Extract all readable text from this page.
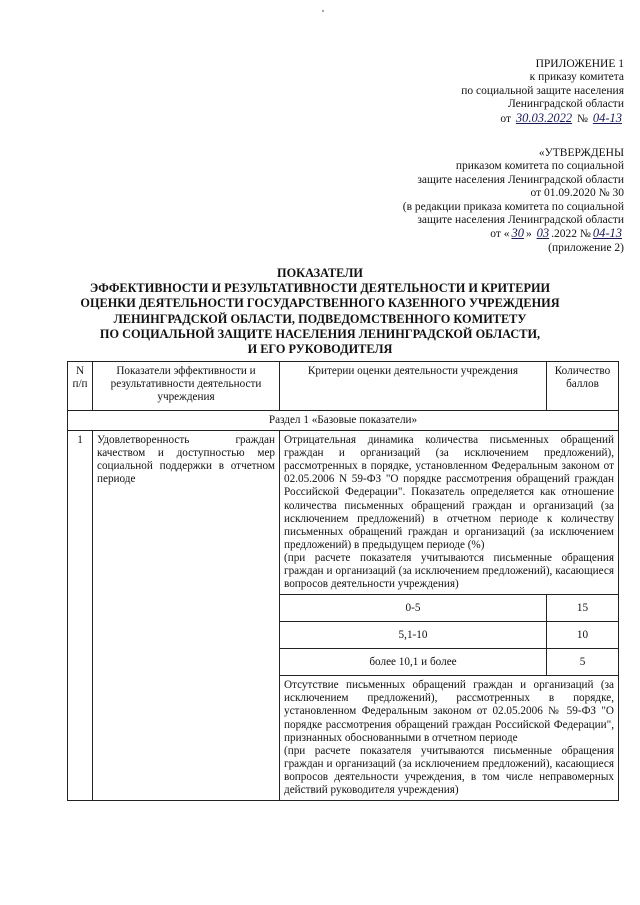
ПРИЛОЖЕНИЕ 1
к приказу комитета
по социальной защите населения
Ленинградской области
от 30.03.2022 № 04-13
«УТВЕРЖДЕНЫ
приказом комитета по социальной
защите населения Ленинградской области
от 01.09.2020 № 30
(в редакции приказа комитета по социальной
защите населения Ленинградской области
от « 30 » 03 .2022 № 04-13
(приложение 2)
ПОКАЗАТЕЛИ
ЭФФЕКТИВНОСТИ И РЕЗУЛЬТАТИВНОСТИ ДЕЯТЕЛЬНОСТИ И КРИТЕРИИ
ОЦЕНКИ ДЕЯТЕЛЬНОСТИ ГОСУДАРСТВЕННОГО КАЗЕННОГО УЧРЕЖДЕНИЯ
ЛЕНИНГРАДСКОЙ ОБЛАСТИ, ПОДВЕДОМСТВЕННОГО КОМИТЕТУ
ПО СОЦИАЛЬНОЙ ЗАЩИТЕ НАСЕЛЕНИЯ ЛЕНИНГРАДСКОЙ ОБЛАСТИ,
И ЕГО РУКОВОДИТЕЛЯ
N п/п	Показатели эффективности и результативности деятельности учреждения	Критерии оценки деятельности учреждения	Количество баллов
Раздел 1 «Базовые показатели»			
1	Удовлетворенность граждан качеством и доступностью мер социальной поддержки в отчетном периоде	Отрицательная динамика количества письменных обращений граждан и организаций (за исключением предложений), рассмотренных в порядке, установленном Федеральным законом от 02.05.2006 N 59-ФЗ "О порядке рассмотрения обращений граждан Российской Федерации". Показатель определяется как отношение количества письменных обращений граждан и организаций (за исключением предложений) в отчетном периоде к количеству письменных обращений граждан и организаций (за исключением предложений) в предыдущем периоде (%)
(при расчете показателя учитываются письменные обращения граждан и организаций (за исключением предложений), касающиеся вопросов деятельности учреждения)	

		0-5	15
		5,1-10	10
		более 10,1 и более	5

		Отсутствие письменных обращений граждан и организаций (за исключением предложений), рассмотренных в порядке, установленном Федеральным законом от 02.05.2006 № 59-ФЗ "О порядке рассмотрения обращений граждан Российской Федерации", признанных обоснованными в отчетном периоде
(при расчете показателя учитываются письменные обращения граждан и организаций (за исключением предложений), касающиеся вопросов деятельности учреждения, в том числе неправомерных действий руководителя учреждения)	
